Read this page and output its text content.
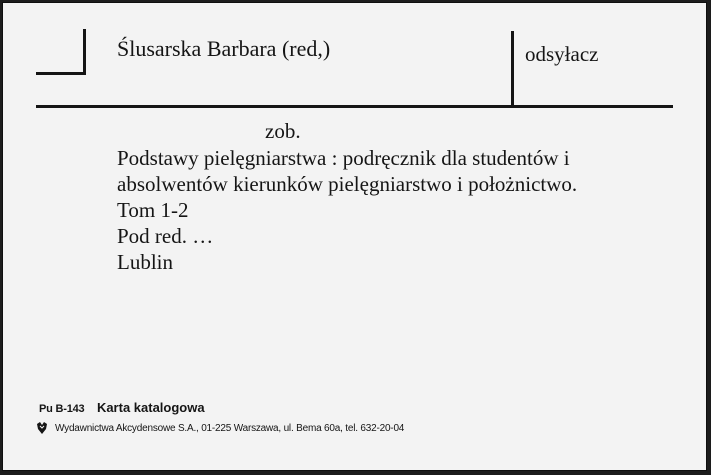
Ślusarska Barbara (red,)	odsyłacz
zob.
Podstawy pielęgniarstwa : podręcznik dla studentów i
absolwentów kierunków pielęgniarstwo i położnictwo.
Tom 1-2
Pod red. …
Lublin
Pu B-143 Karta katalogowa
Wydawnictwa Akcydensowe S.A., 01-225 Warszawa, ul. Bema 60a, tel. 632-20-04
